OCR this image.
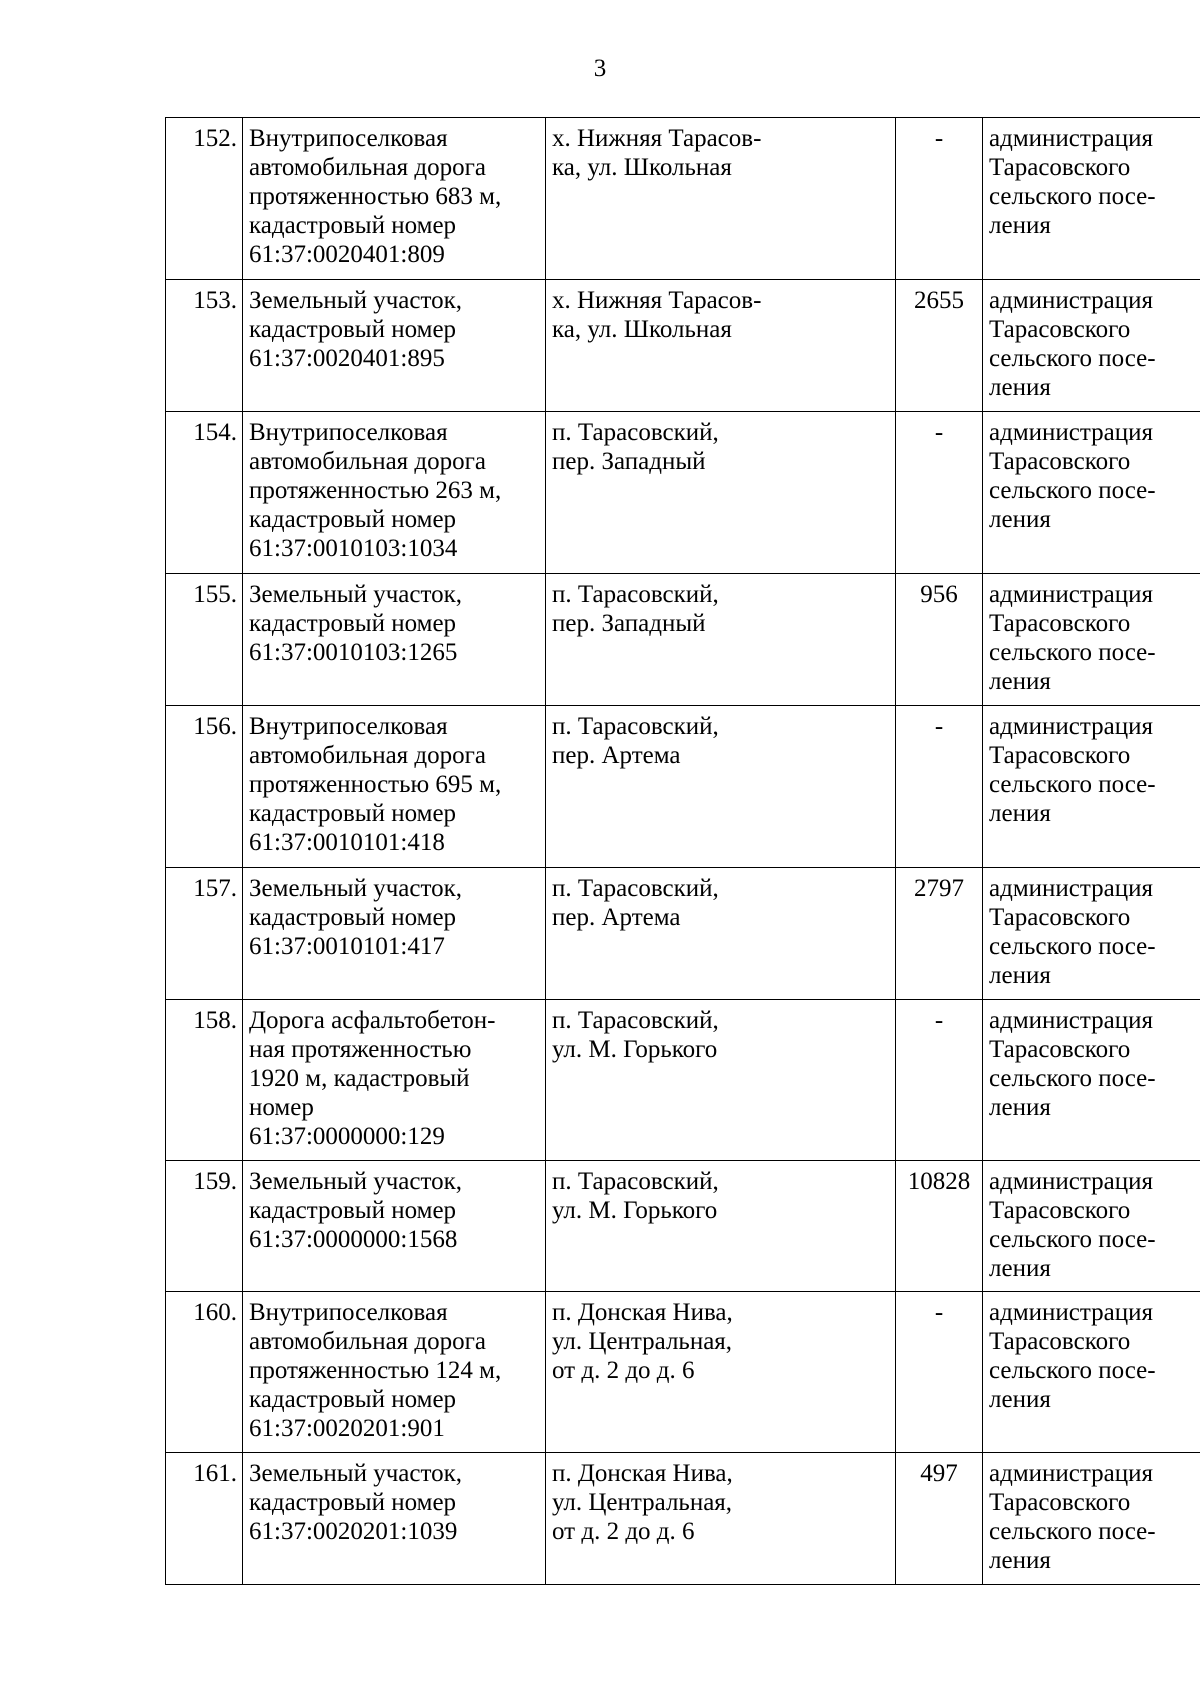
3
152.	Внутрипоселковая
автомобильная дорога
протяженностью 683 м,
кадастровый номер
61:37:0020401:809	х. Нижняя Тарасов-
ка, ул. Школьная	-	администрация
Тарасовского
сельского посе-
ления
153.	Земельный участок,
кадастровый номер
61:37:0020401:895	х. Нижняя Тарасов-
ка, ул. Школьная	2655	администрация
Тарасовского
сельского посе-
ления
154.	Внутрипоселковая
автомобильная дорога
протяженностью 263 м,
кадастровый номер
61:37:0010103:1034	п. Тарасовский,
пер. Западный	-	администрация
Тарасовского
сельского посе-
ления
155.	Земельный участок,
кадастровый номер
61:37:0010103:1265	п. Тарасовский,
пер. Западный	956	администрация
Тарасовского
сельского посе-
ления
156.	Внутрипоселковая
автомобильная дорога
протяженностью 695 м,
кадастровый номер
61:37:0010101:418	п. Тарасовский,
пер. Артема	-	администрация
Тарасовского
сельского посе-
ления
157.	Земельный участок,
кадастровый номер
61:37:0010101:417	п. Тарасовский,
пер. Артема	2797	администрация
Тарасовского
сельского посе-
ления
158.	Дорога асфальтобетон-
ная протяженностью
1920 м, кадастровый
номер
61:37:0000000:129	п. Тарасовский,
ул. М. Горького	-	администрация
Тарасовского
сельского посе-
ления
159.	Земельный участок,
кадастровый номер
61:37:0000000:1568	п. Тарасовский,
ул. М. Горького	10828	администрация
Тарасовского
сельского посе-
ления
160.	Внутрипоселковая
автомобильная дорога
протяженностью 124 м,
кадастровый номер
61:37:0020201:901	п. Донская Нива,
ул. Центральная,
от д. 2 до д. 6	-	администрация
Тарасовского
сельского посе-
ления
161.	Земельный участок,
кадастровый номер
61:37:0020201:1039	п. Донская Нива,
ул. Центральная,
от д. 2 до д. 6	497	администрация
Тарасовского
сельского посе-
ления
